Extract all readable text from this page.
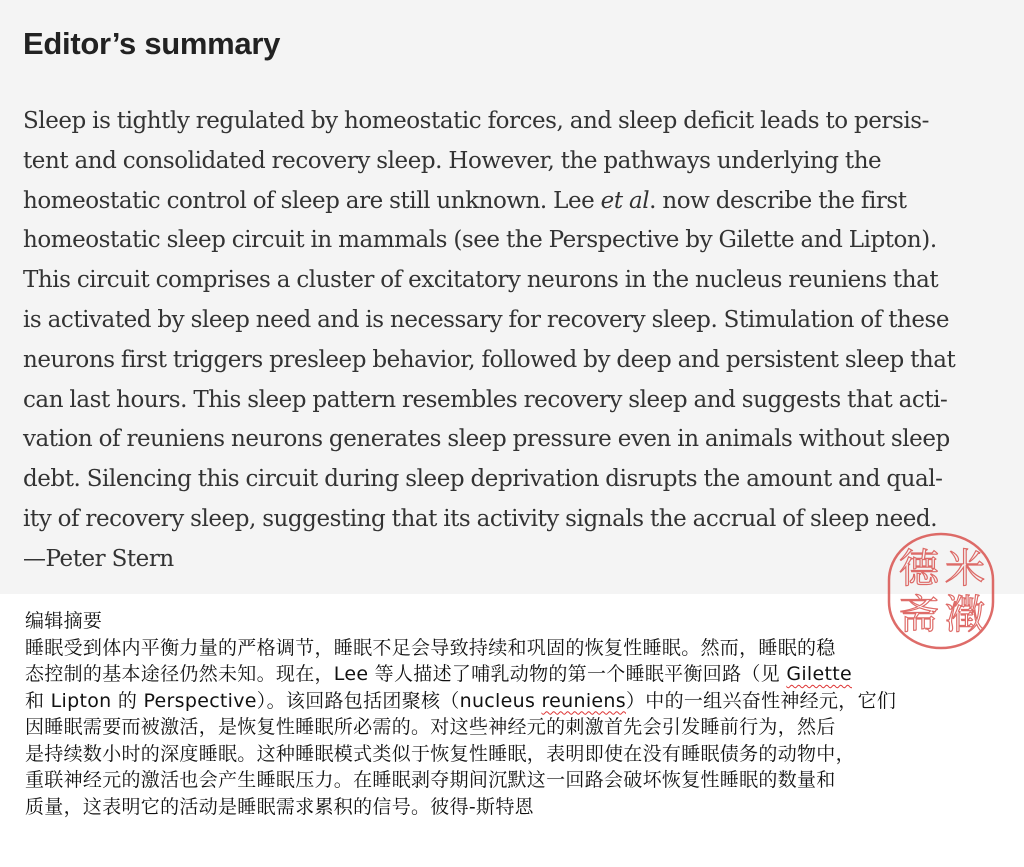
Editor’s summary
Sleep is tightly regulated by homeostatic forces, and sleep deficit leads to persis-
tent and consolidated recovery sleep. However, the pathways underlying the
homeostatic control of sleep are still unknown. Lee et al. now describe the first
homeostatic sleep circuit in mammals (see the Perspective by Gilette and Lipton).
This circuit comprises a cluster of excitatory neurons in the nucleus reuniens that
is activated by sleep need and is necessary for recovery sleep. Stimulation of these
neurons first triggers presleep behavior, followed by deep and persistent sleep that
can last hours. This sleep pattern resembles recovery sleep and suggests that acti-
vation of reuniens neurons generates sleep pressure even in animals without sleep
debt. Silencing this circuit during sleep deprivation disrupts the amount and qual-
ity of recovery sleep, suggesting that its activity signals the accrual of sleep need.
—Peter Stern
编辑摘要
睡眠受到体内平衡力量的严格调节，睡眠不足会导致持续和巩固的恢复性睡眠。然而，睡眠的稳
态控制的基本途径仍然未知。现在，Lee 等人描述了哺乳动物的第一个睡眠平衡回路（见 Gilette
和 Lipton 的 Perspective）。该回路包括团聚核（nucleus reuniens）中的一组兴奋性神经元，它们
因睡眠需要而被激活，是恢复性睡眠所必需的。对这些神经元的刺激首先会引发睡前行为，然后
是持续数小时的深度睡眠。这种睡眠模式类似于恢复性睡眠，表明即使在没有睡眠债务的动物中，
重联神经元的激活也会产生睡眠压力。在睡眠剥夺期间沉默这一回路会破坏恢复性睡眠的数量和
质量，这表明它的活动是睡眠需求累积的信号。彼得-斯特恩
米
瀓
德
斋
